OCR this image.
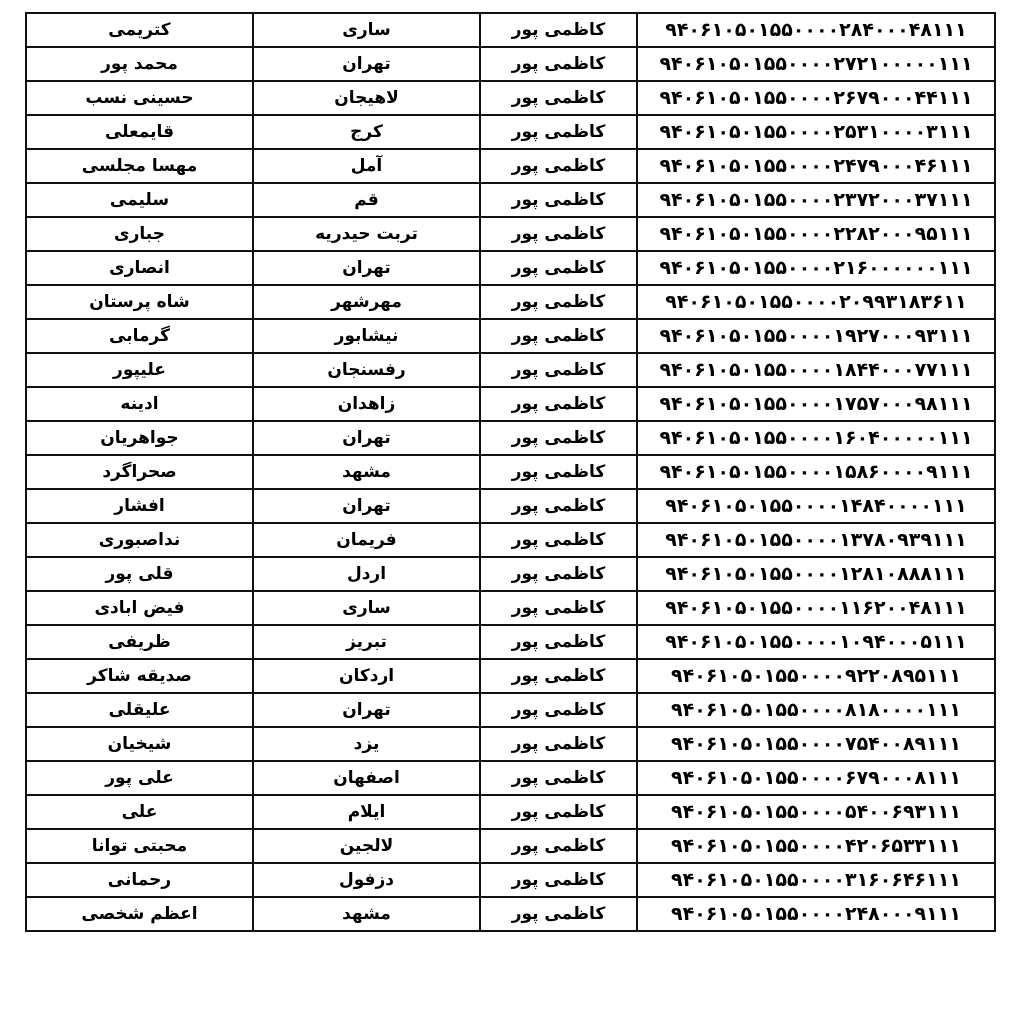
کتریمی	ساری	کاظمی پور	۹۴۰۶۱۰۵۰۱۵۵۰۰۰۰۲۸۴۰۰۰۴۸۱۱۱
محمد پور	تهران	کاظمی پور	۹۴۰۶۱۰۵۰۱۵۵۰۰۰۰۲۷۲۱۰۰۰۰۰۱۱۱
حسینی نسب	لاهیجان	کاظمی پور	۹۴۰۶۱۰۵۰۱۵۵۰۰۰۰۲۶۷۹۰۰۰۴۴۱۱۱
قایمعلی	کرج	کاظمی پور	۹۴۰۶۱۰۵۰۱۵۵۰۰۰۰۲۵۳۱۰۰۰۰۳۱۱۱
مهسا مجلسی	آمل	کاظمی پور	۹۴۰۶۱۰۵۰۱۵۵۰۰۰۰۲۴۷۹۰۰۰۴۶۱۱۱
سلیمی	قم	کاظمی پور	۹۴۰۶۱۰۵۰۱۵۵۰۰۰۰۲۳۷۲۰۰۰۳۷۱۱۱
جباری	تربت حیدریه	کاظمی پور	۹۴۰۶۱۰۵۰۱۵۵۰۰۰۰۲۲۸۲۰۰۰۹۵۱۱۱
انصاری	تهران	کاظمی پور	۹۴۰۶۱۰۵۰۱۵۵۰۰۰۰۲۱۶۰۰۰۰۰۰۱۱۱
شاه پرستان	مهرشهر	کاظمی پور	۹۴۰۶۱۰۵۰۱۵۵۰۰۰۰۲۰۹۹۳۱۸۳۶۱۱
گرمابی	نیشابور	کاظمی پور	۹۴۰۶۱۰۵۰۱۵۵۰۰۰۰۱۹۲۷۰۰۰۹۳۱۱۱
علیپور	رفسنجان	کاظمی پور	۹۴۰۶۱۰۵۰۱۵۵۰۰۰۰۱۸۴۴۰۰۰۷۷۱۱۱
ادینه	زاهدان	کاظمی پور	۹۴۰۶۱۰۵۰۱۵۵۰۰۰۰۱۷۵۷۰۰۰۹۸۱۱۱
جواهریان	تهران	کاظمی پور	۹۴۰۶۱۰۵۰۱۵۵۰۰۰۰۱۶۰۴۰۰۰۰۰۱۱۱
صحراگرد	مشهد	کاظمی پور	۹۴۰۶۱۰۵۰۱۵۵۰۰۰۰۱۵۸۶۰۰۰۰۹۱۱۱
افشار	تهران	کاظمی پور	۹۴۰۶۱۰۵۰۱۵۵۰۰۰۰۱۴۸۴۰۰۰۰۱۱۱
نداصبوری	فریمان	کاظمی پور	۹۴۰۶۱۰۵۰۱۵۵۰۰۰۰۱۳۷۸۰۹۳۹۱۱۱
قلی پور	اردل	کاظمی پور	۹۴۰۶۱۰۵۰۱۵۵۰۰۰۰۱۲۸۱۰۸۸۸۱۱۱
فیض ابادی	ساری	کاظمی پور	۹۴۰۶۱۰۵۰۱۵۵۰۰۰۰۱۱۶۲۰۰۴۸۱۱۱
ظریفی	تبریز	کاظمی پور	۹۴۰۶۱۰۵۰۱۵۵۰۰۰۰۱۰۹۴۰۰۰۵۱۱۱
صدیقه شاکر	اردکان	کاظمی پور	۹۴۰۶۱۰۵۰۱۵۵۰۰۰۰۹۲۲۰۸۹۵۱۱۱
علیقلی	تهران	کاظمی پور	۹۴۰۶۱۰۵۰۱۵۵۰۰۰۰۸۱۸۰۰۰۰۱۱۱
شیخیان	یزد	کاظمی پور	۹۴۰۶۱۰۵۰۱۵۵۰۰۰۰۷۵۴۰۰۸۹۱۱۱
علی پور	اصفهان	کاظمی پور	۹۴۰۶۱۰۵۰۱۵۵۰۰۰۰۶۷۹۰۰۰۸۱۱۱
علی	ایلام	کاظمی پور	۹۴۰۶۱۰۵۰۱۵۵۰۰۰۰۵۴۰۰۶۹۳۱۱۱
محبتی توانا	لالجین	کاظمی پور	۹۴۰۶۱۰۵۰۱۵۵۰۰۰۰۴۲۰۶۵۳۳۱۱۱
رحمانی	دزفول	کاظمی پور	۹۴۰۶۱۰۵۰۱۵۵۰۰۰۰۳۱۶۰۶۴۶۱۱۱
اعظم شخصی	مشهد	کاظمی پور	۹۴۰۶۱۰۵۰۱۵۵۰۰۰۰۲۴۸۰۰۰۹۱۱۱
